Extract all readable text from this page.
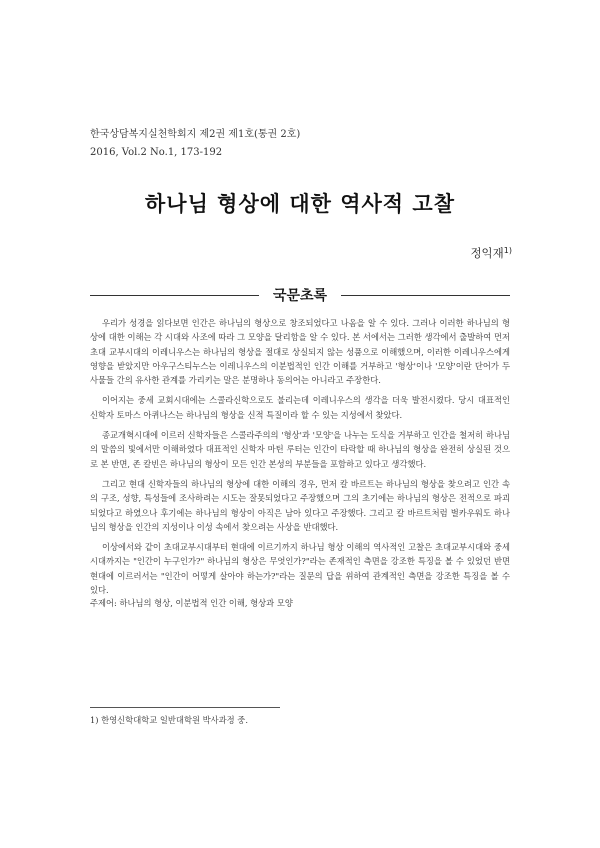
한국상담복지실천학회지 제2권 제1호(통권 2호)
2016, Vol.2 No.1, 173-192
하나님 형상에 대한 역사적 고찰
정익재$^{1)}$
국문초록

우리가 성경을 읽다보면 인간은 하나님의 형상으로 창조되었다고 나옴을 알 수 있다. 그러나 이러한 하나님의 형상에 대한 이해는 각 시대와 사조에 따라 그 모양을 달리함을 알 수 있다. 본 서에서는 그러한 생각에서 출발하여 먼저 초대 교부시대의 이레니우스는 하나님의 형상을 절대로 상실되지 않는 성품으로 이해했으며, 이러한 이레니우스에게 영향을 받았지만 아우구스티누스는 이레니우스의 이분법적인 인간 이해를 거부하고 '형상'이나 '모양'이란 단어가 두 사물들 간의 유사한 관계를 가리키는 말은 분명하나 동의어는 아니라고 주장한다.

이어지는 중세 교회시대에는 스콜라신학으로도 불리는데 이레니우스의 생각을 더욱 발전시켰다. 당시 대표적인 신학자 토마스 아퀴나스는 하나님의 형상을 신적 특질이라 할 수 있는 지성에서 찾았다.

종교개혁시대에 이르러 신학자들은 스콜라주의의 '형상'과 '모양'을 나누는 도식을 거부하고 인간을 철저히 하나님의 말씀의 빛에서만 이해하였다 대표적인 신학자 마틴 루터는 인간이 타락할 때 하나님의 형상을 완전히 상실된 것으로 본 반면, 존 칼빈은 하나님의 형상이 모든 인간 본성의 부분들을 포함하고 있다고 생각했다.

그리고 현대 신학자들의 하나님의 형상에 대한 이해의 경우, 먼저 칼 바르트는 하나님의 형상을 찾으려고 인간 속의 구조, 성향, 특성들에 조사하려는 시도는 잘못되었다고 주장했으며 그의 초기에는 하나님의 형상은 전적으로 파괴되었다고 하였으나 후기에는 하나님의 형상이 아직은 남아 있다고 주장했다. 그리고 칼 바르트처럼 벌카우워도 하나님의 형상을 인간의 지성이나 이성 속에서 찾으려는 사상을 반대했다.

이상에서와 같이 초대교부시대부터 현대에 이르기까지 하나님 형상 이해의 역사적인 고찰은 초대교부시대와 중세시대까지는 "인간이 누구인가?" 하나님의 형상은 무엇인가?"라는 존재적인 측면을 강조한 특징을 볼 수 있었던 반면 현대에 이르러서는 "인간이 어떻게 살아야 하는가?"라는 질문의 답을 위하여 관계적인 측면을 강조한 특징을 볼 수 있다.

주제어: 하나님의 형상, 이분법적 인간 이해, 형상과 모양
1) 한영신학대학교 일반대학원 박사과정 중.
